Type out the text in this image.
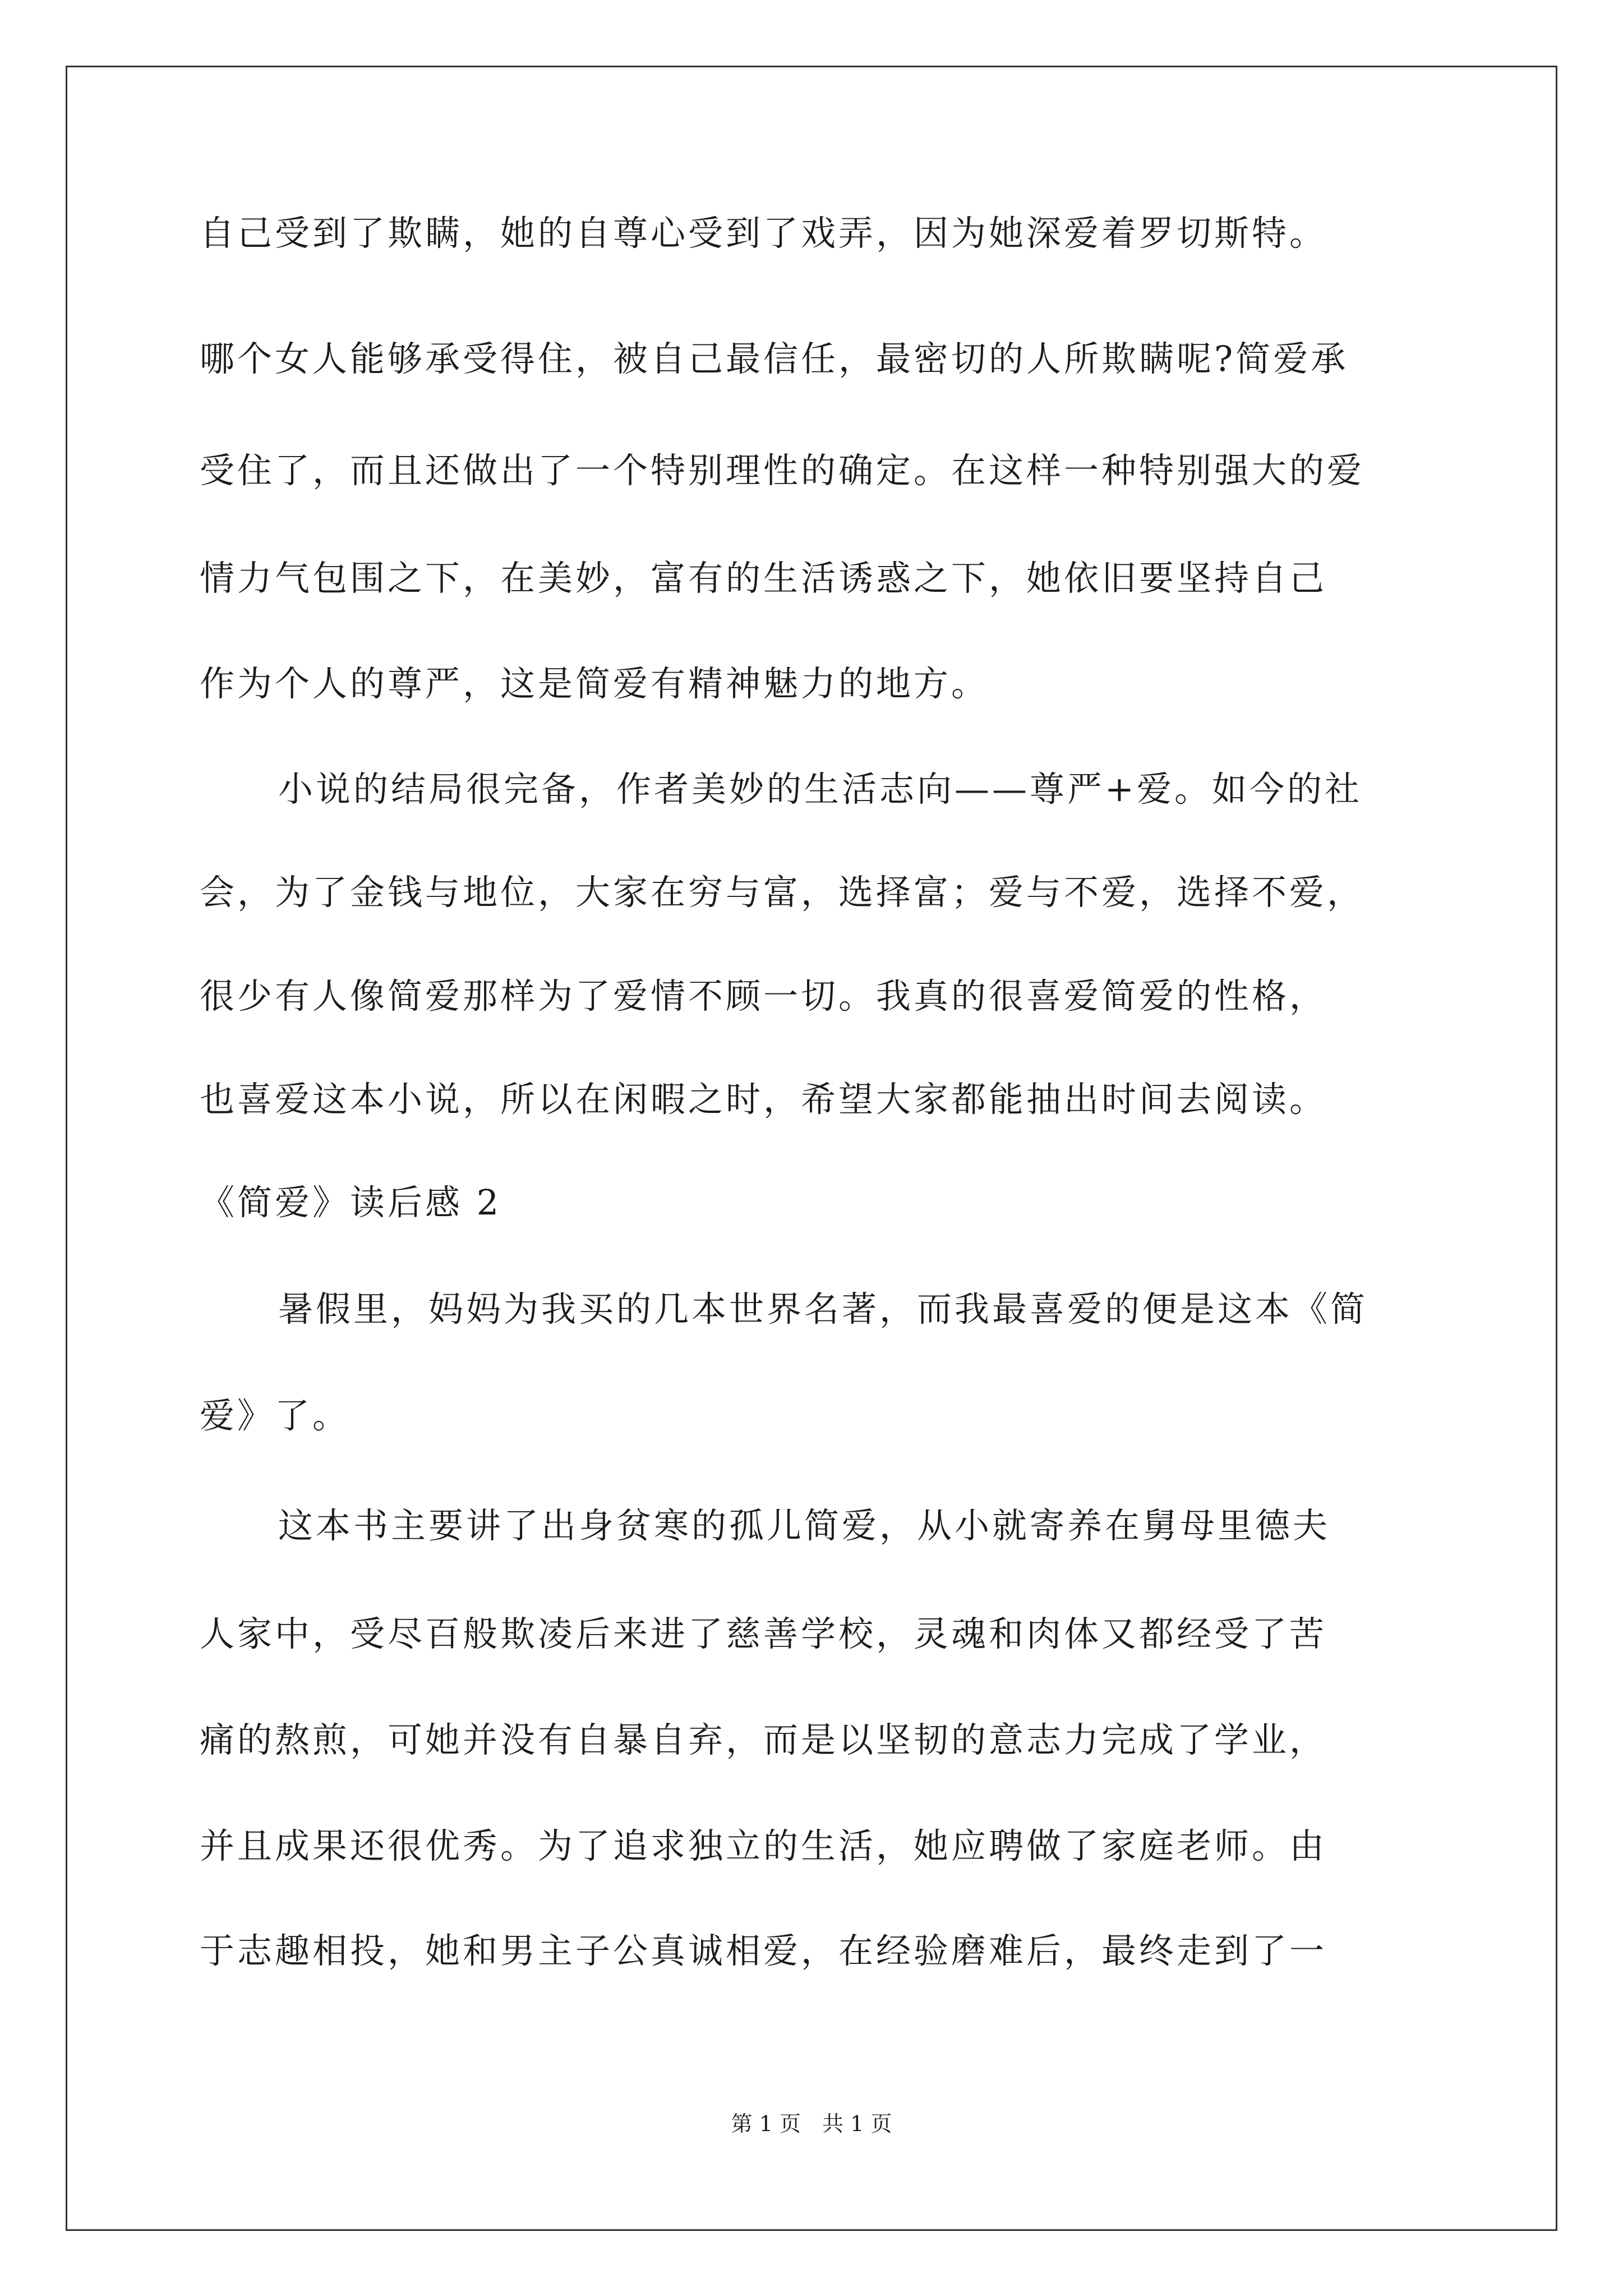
自己受到了欺瞒，她的自尊心受到了戏弄，因为她深爱着罗切斯特。
哪个女人能够承受得住，被自己最信任，最密切的人所欺瞒呢?简爱承
受住了，而且还做出了一个特别理性的确定。在这样一种特别强大的爱
情力气包围之下，在美妙，富有的生活诱惑之下，她依旧要坚持自己
作为个人的尊严，这是简爱有精神魅力的地方。
小说的结局很完备，作者美妙的生活志向——尊严+爱。如今的社
会，为了金钱与地位，大家在穷与富，选择富；爱与不爱，选择不爱，
很少有人像简爱那样为了爱情不顾一切。我真的很喜爱简爱的性格，
也喜爱这本小说，所以在闲暇之时，希望大家都能抽出时间去阅读。
《简爱》读后感 2
暑假里，妈妈为我买的几本世界名著，而我最喜爱的便是这本《简
爱》了。
这本书主要讲了出身贫寒的孤儿简爱，从小就寄养在舅母里德夫
人家中，受尽百般欺凌后来进了慈善学校，灵魂和肉体又都经受了苦
痛的熬煎，可她并没有自暴自弃，而是以坚韧的意志力完成了学业，
并且成果还很优秀。为了追求独立的生活，她应聘做了家庭老师。由
于志趣相投，她和男主子公真诚相爱，在经验磨难后，最终走到了一
第 1 页　共 1 页
